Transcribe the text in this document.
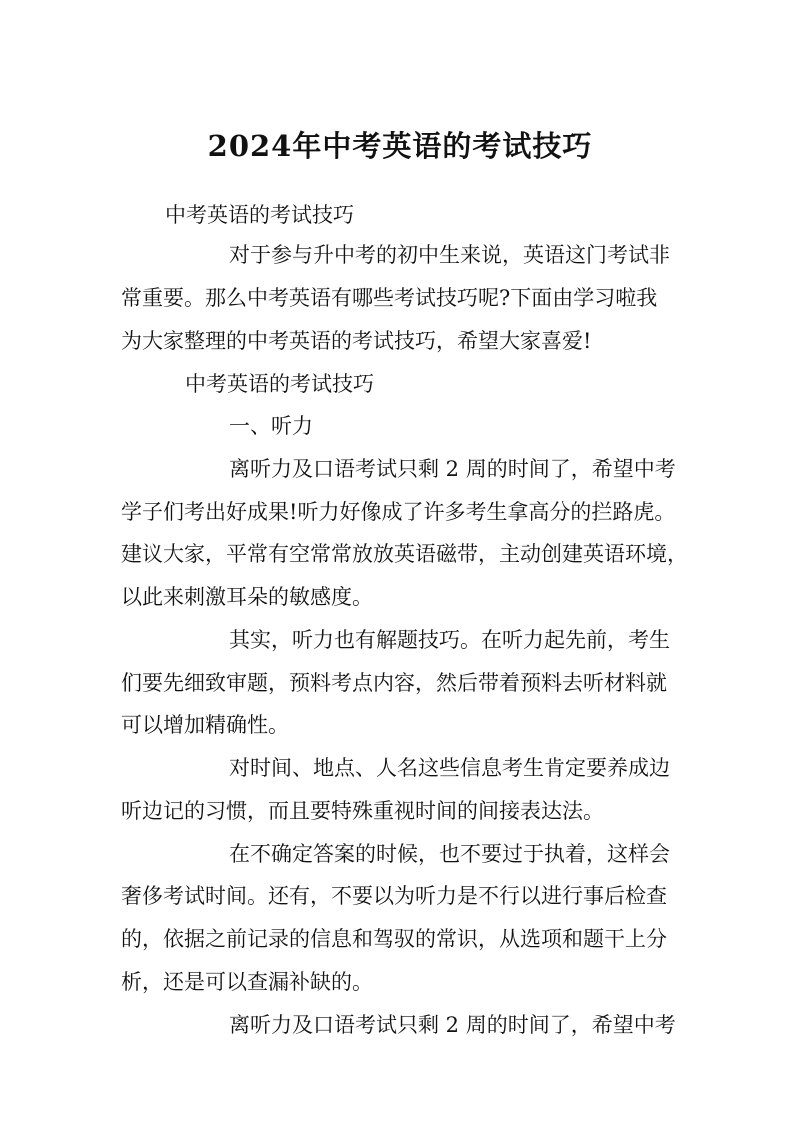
2024年中考英语的考试技巧
中考英语的考试技巧
对于参与升中考的初中生来说，英语这门考试非
常重要。那么中考英语有哪些考试技巧呢?下面由学习啦我
为大家整理的中考英语的考试技巧，希望大家喜爱!
中考英语的考试技巧
一、听力
离听力及口语考试只剩 2 周的时间了，希望中考
学子们考出好成果!听力好像成了许多考生拿高分的拦路虎。
建议大家，平常有空常常放放英语磁带，主动创建英语环境，
以此来刺激耳朵的敏感度。
其实，听力也有解题技巧。在听力起先前，考生
们要先细致审题，预料考点内容，然后带着预料去听材料就
可以增加精确性。
对时间、地点、人名这些信息考生肯定要养成边
听边记的习惯，而且要特殊重视时间的间接表达法。
在不确定答案的时候，也不要过于执着，这样会
奢侈考试时间。还有，不要以为听力是不行以进行事后检查
的，依据之前记录的信息和驾驭的常识，从选项和题干上分
析，还是可以查漏补缺的。
离听力及口语考试只剩 2 周的时间了，希望中考
